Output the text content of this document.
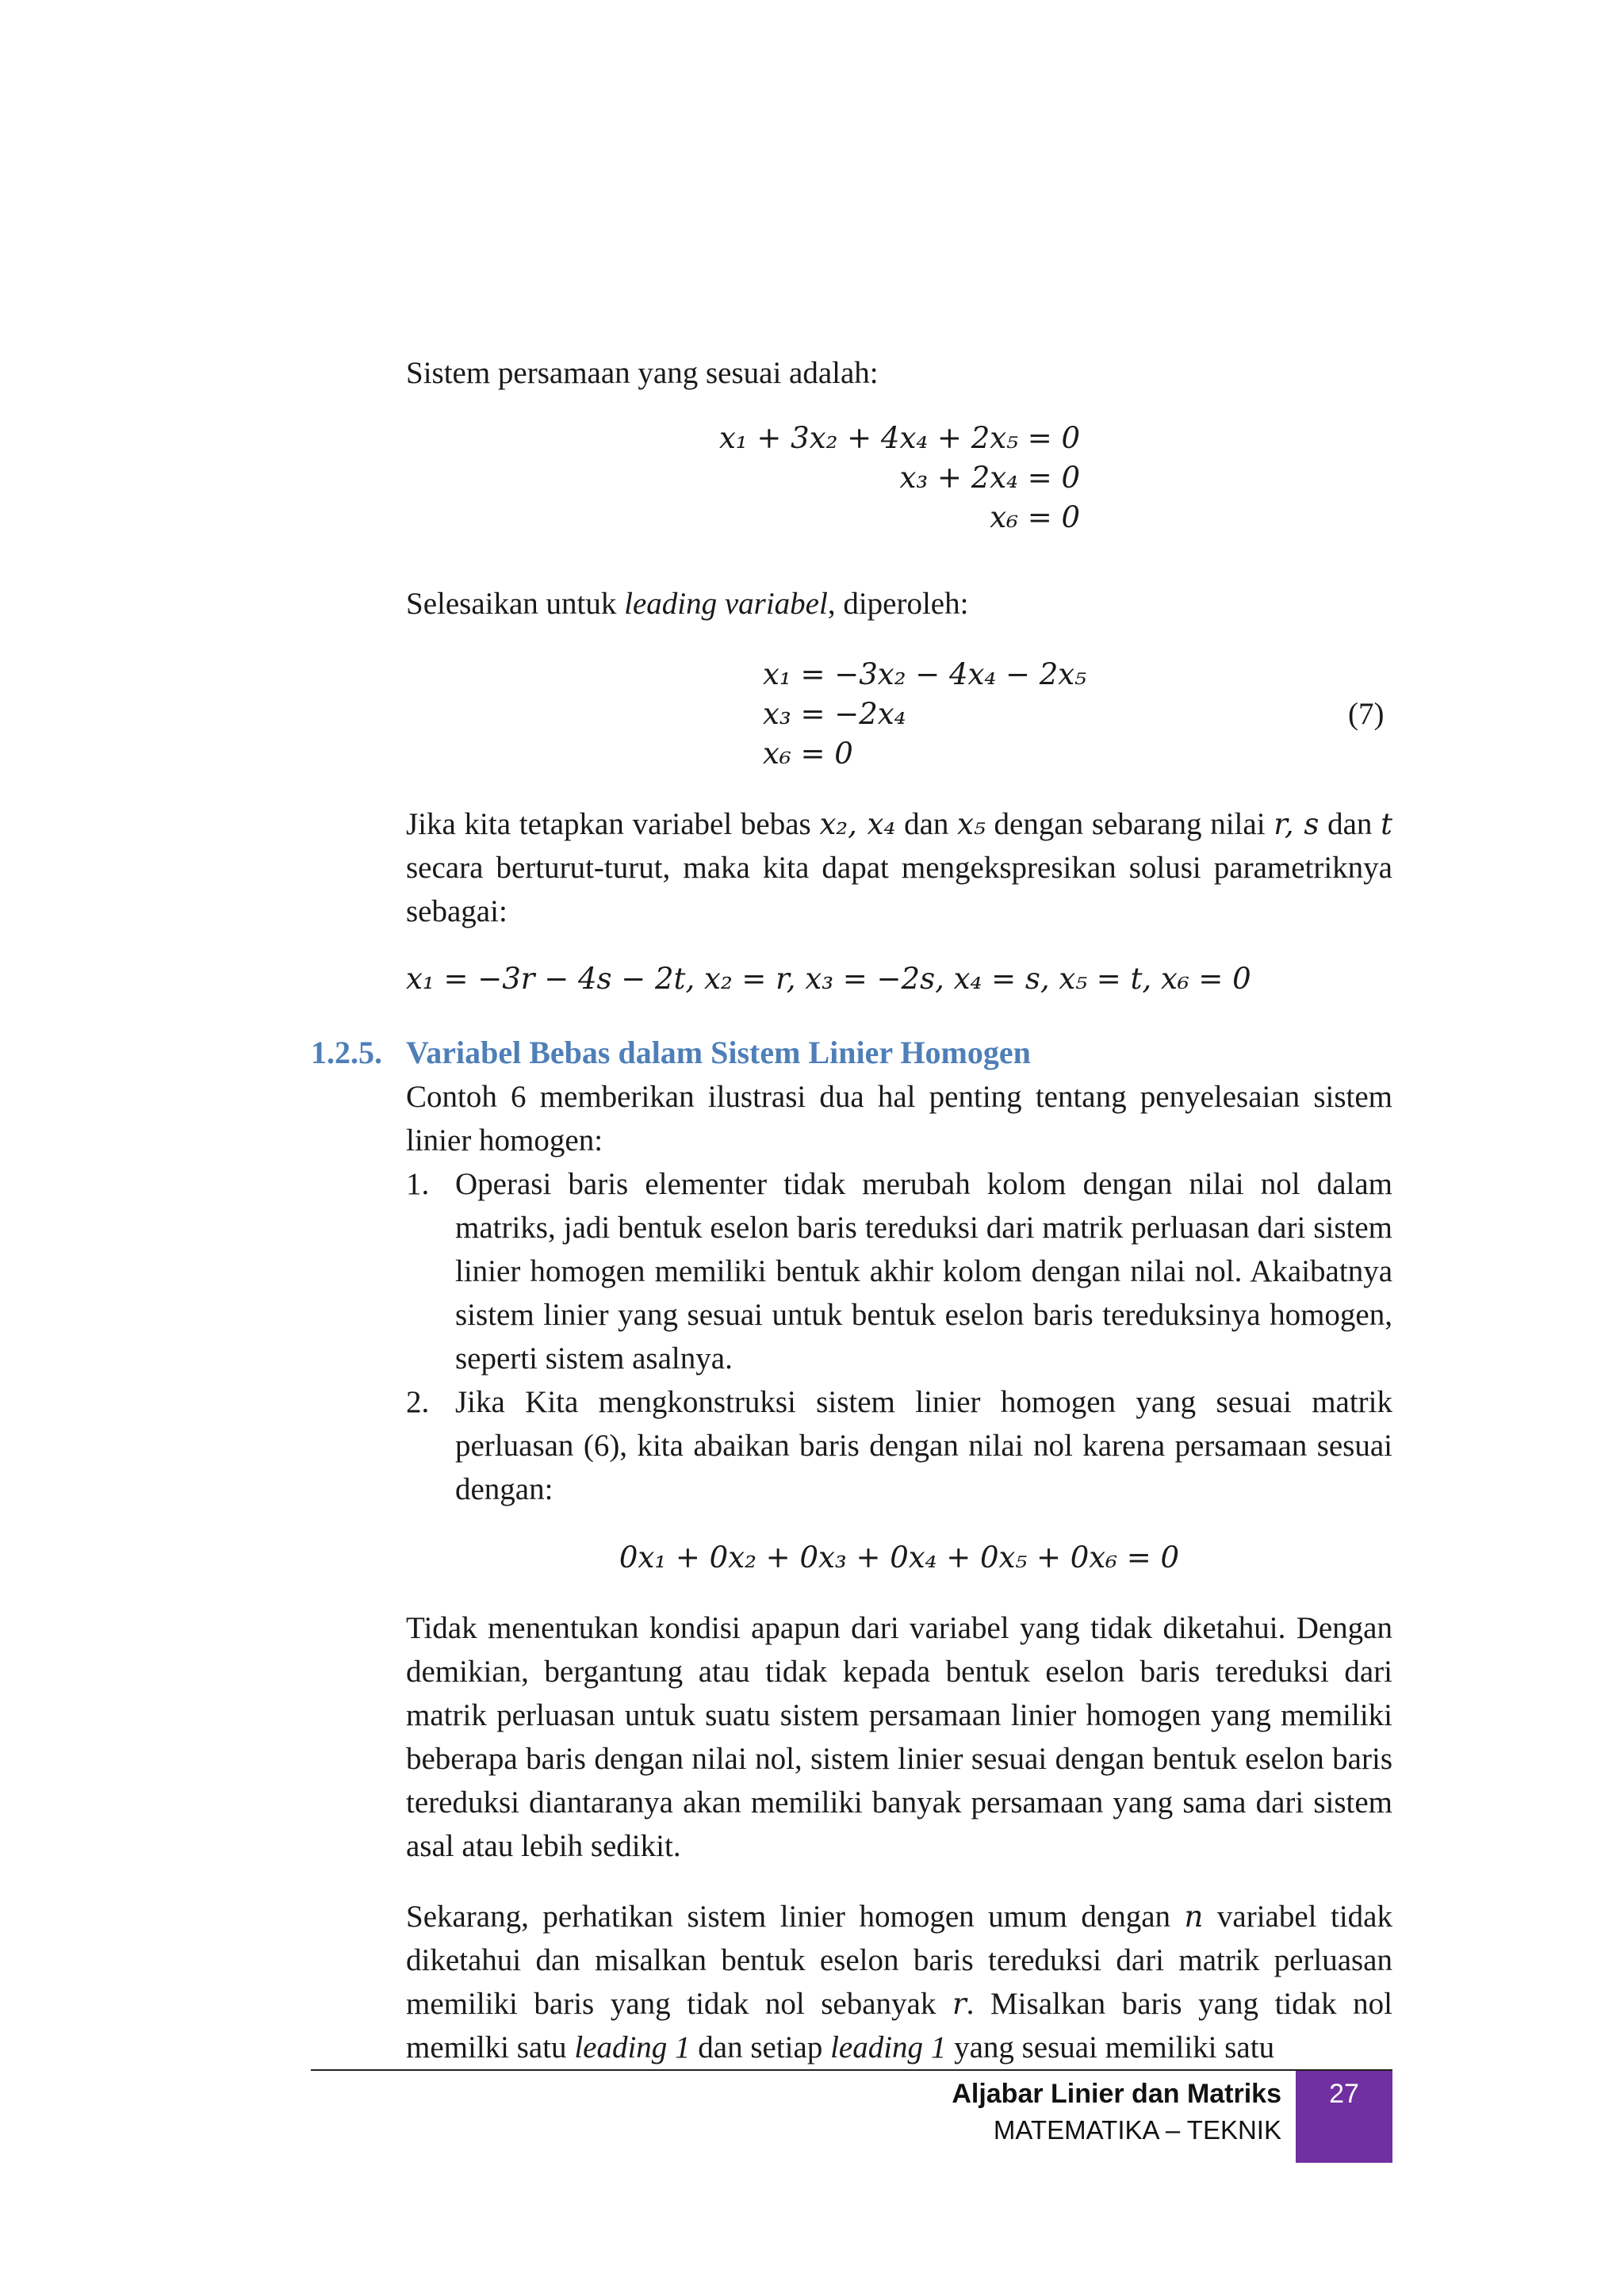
Sistem persamaan yang sesuai adalah:

x₁ + 3x₂ + 4x₄ + 2x₅ = 0
x₃ + 2x₄ = 0
x₆ = 0

Selesaikan untuk leading variabel, diperoleh:

x₁ = −3x₂ − 4x₄ − 2x₅
x₃ = −2x₄
x₆ = 0
(7)

Jika kita tetapkan variabel bebas x₂, x₄ dan x₅ dengan sebarang nilai r, s dan t secara berturut-turut, maka kita dapat mengekspresikan solusi parametriknya sebagai:

x₁ = −3r − 4s − 2t, x₂ = r, x₃ = −2s, x₄ = s, x₅ = t, x₆ = 0
1.2.5. Variabel Bebas dalam Sistem Linier Homogen

Contoh 6 memberikan ilustrasi dua hal penting tentang penyelesaian sistem linier homogen:

1. Operasi baris elementer tidak merubah kolom dengan nilai nol dalam matriks, jadi bentuk eselon baris tereduksi dari matrik perluasan dari sistem linier homogen memiliki bentuk akhir kolom dengan nilai nol. Akaibatnya sistem linier yang sesuai untuk bentuk eselon baris tereduksinya homogen, seperti sistem asalnya.
2. Jika Kita mengkonstruksi sistem linier homogen yang sesuai matrik perluasan (6), kita abaikan baris dengan nilai nol karena persamaan sesuai dengan:
0x₁ + 0x₂ + 0x₃ + 0x₄ + 0x₅ + 0x₆ = 0

Tidak menentukan kondisi apapun dari variabel yang tidak diketahui. Dengan demikian, bergantung atau tidak kepada bentuk eselon baris tereduksi dari matrik perluasan untuk suatu sistem persamaan linier homogen yang memiliki beberapa baris dengan nilai nol, sistem linier sesuai dengan bentuk eselon baris tereduksi diantaranya akan memiliki banyak persamaan yang sama dari sistem asal atau lebih sedikit.

Sekarang, perhatikan sistem linier homogen umum dengan n variabel tidak diketahui dan misalkan bentuk eselon baris tereduksi dari matrik perluasan memiliki baris yang tidak nol sebanyak r. Misalkan baris yang tidak nol memilki satu leading 1 dan setiap leading 1 yang sesuai memiliki satu

Aljabar Linier dan Matriks
MATEMATIKA – TEKNIK
27
